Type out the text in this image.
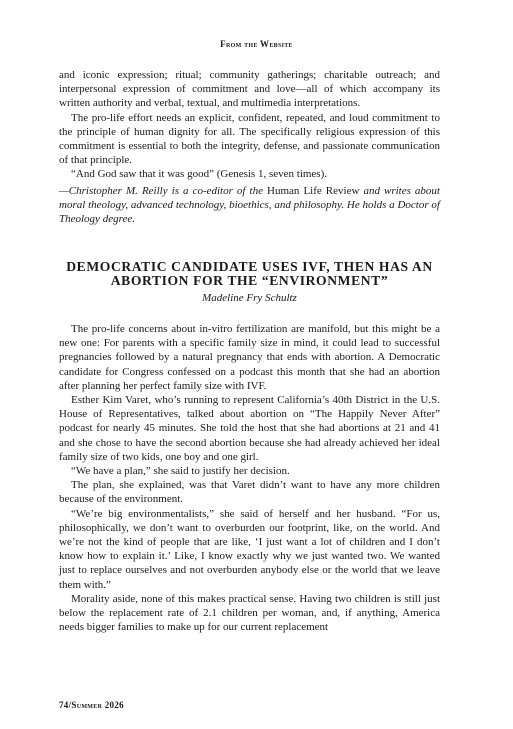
From the Website

and iconic expression; ritual; community gatherings; charitable outreach; and interpersonal expression of commitment and love—all of which accompany its written authority and verbal, textual, and multimedia interpretations.

The pro-life effort needs an explicit, confident, repeated, and loud commitment to the principle of human dignity for all. The specifically religious expression of this commitment is essential to both the integrity, defense, and passionate communication of that principle.

“And God saw that it was good” (Genesis 1, seven times).

—Christopher M. Reilly is a co-editor of the Human Life Review and writes about moral theology, advanced technology, bioethics, and philosophy. He holds a Doctor of Theology degree.

DEMOCRATIC CANDIDATE USES IVF, THEN HAS AN ABORTION FOR THE “ENVIRONMENT”
Madeline Fry Schultz

The pro-life concerns about in-vitro fertilization are manifold, but this might be a new one: For parents with a specific family size in mind, it could lead to successful pregnancies followed by a natural pregnancy that ends with abortion. A Democratic candidate for Congress confessed on a podcast this month that she had an abortion after planning her perfect family size with IVF.

Esther Kim Varet, who’s running to represent California’s 40th District in the U.S. House of Representatives, talked about abortion on “The Happily Never After” podcast for nearly 45 minutes. She told the host that she had abortions at 21 and 41 and she chose to have the second abortion because she had already achieved her ideal family size of two kids, one boy and one girl.

“We have a plan,” she said to justify her decision.

The plan, she explained, was that Varet didn’t want to have any more children because of the environment.

“We’re big environmentalists,” she said of herself and her husband. “For us, philosophically, we don’t want to overburden our footprint, like, on the world. And we’re not the kind of people that are like, ‘I just want a lot of children and I don’t know how to explain it.’ Like, I know exactly why we just wanted two. We wanted just to replace ourselves and not overburden anybody else or the world that we leave them with.”

Morality aside, none of this makes practical sense. Having two children is still just below the replacement rate of 2.1 children per woman, and, if anything, America needs bigger families to make up for our current replacement

74/Summer 2026
